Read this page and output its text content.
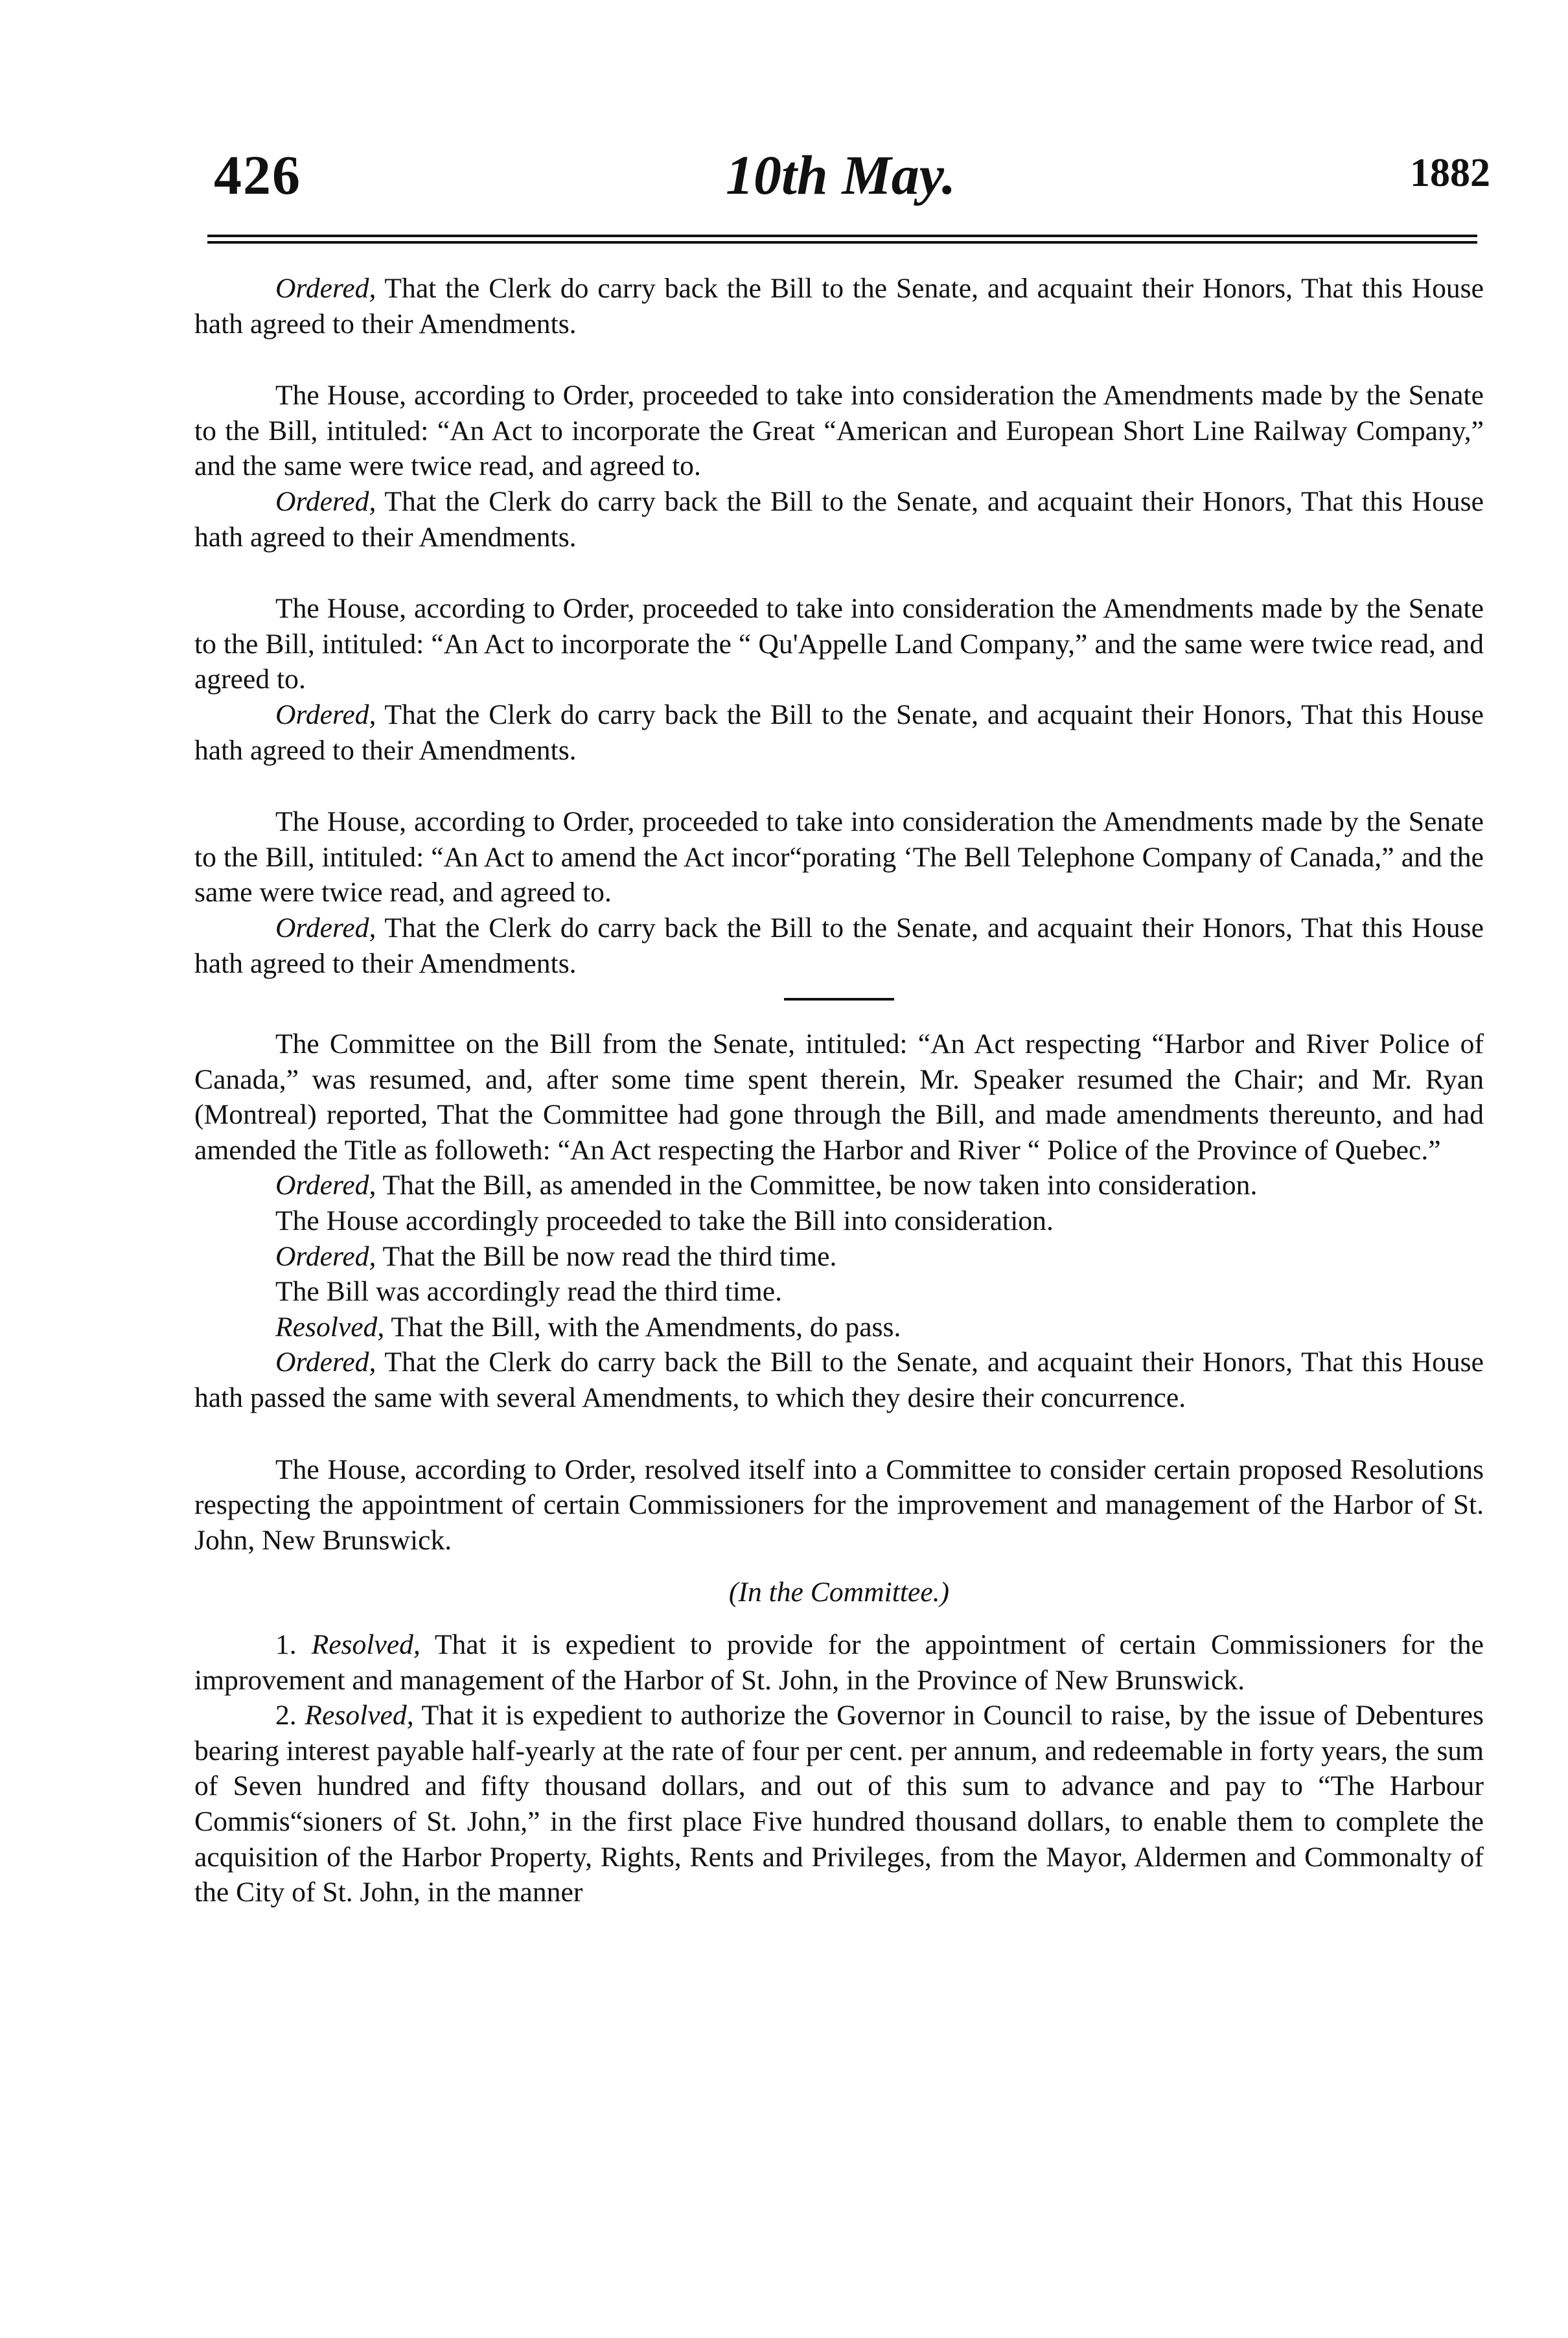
426	10th May.	1882

Ordered, That the Clerk do carry back the Bill to the Senate, and acquaint their Honors, That this House hath agreed to their Amendments.

The House, according to Order, proceeded to take into consideration the Amendments made by the Senate to the Bill, intituled: “An Act to incorporate the Great “American and European Short Line Railway Company,” and the same were twice read, and agreed to.

Ordered, That the Clerk do carry back the Bill to the Senate, and acquaint their Honors, That this House hath agreed to their Amendments.

The House, according to Order, proceeded to take into consideration the Amendments made by the Senate to the Bill, intituled: “An Act to incorporate the “ Qu'Appelle Land Company,” and the same were twice read, and agreed to.

Ordered, That the Clerk do carry back the Bill to the Senate, and acquaint their Honors, That this House hath agreed to their Amendments.

The House, according to Order, proceeded to take into consideration the Amendments made by the Senate to the Bill, intituled: “An Act to amend the Act incor“porating ‘The Bell Telephone Company of Canada,” and the same were twice read, and agreed to.

Ordered, That the Clerk do carry back the Bill to the Senate, and acquaint their Honors, That this House hath agreed to their Amendments.

The Committee on the Bill from the Senate, intituled: “An Act respecting “Harbor and River Police of Canada,” was resumed, and, after some time spent therein, Mr. Speaker resumed the Chair; and Mr. Ryan (Montreal) reported, That the Committee had gone through the Bill, and made amendments thereunto, and had amended the Title as followeth: “An Act respecting the Harbor and River “ Police of the Province of Quebec.”

Ordered, That the Bill, as amended in the Committee, be now taken into consideration.

The House accordingly proceeded to take the Bill into consideration.

Ordered, That the Bill be now read the third time.

The Bill was accordingly read the third time.

Resolved, That the Bill, with the Amendments, do pass.

Ordered, That the Clerk do carry back the Bill to the Senate, and acquaint their Honors, That this House hath passed the same with several Amendments, to which they desire their concurrence.

The House, according to Order, resolved itself into a Committee to consider certain proposed Resolutions respecting the appointment of certain Commissioners for the improvement and management of the Harbor of St. John, New Brunswick.

(In the Committee.)

1. Resolved, That it is expedient to provide for the appointment of certain Commissioners for the improvement and management of the Harbor of St. John, in the Province of New Brunswick.

2. Resolved, That it is expedient to authorize the Governor in Council to raise, by the issue of Debentures bearing interest payable half-yearly at the rate of four per cent. per annum, and redeemable in forty years, the sum of Seven hundred and fifty thousand dollars, and out of this sum to advance and pay to “The Harbour Commis“sioners of St. John,” in the first place Five hundred thousand dollars, to enable them to complete the acquisition of the Harbor Property, Rights, Rents and Privileges, from the Mayor, Aldermen and Commonalty of the City of St. John, in the manner
